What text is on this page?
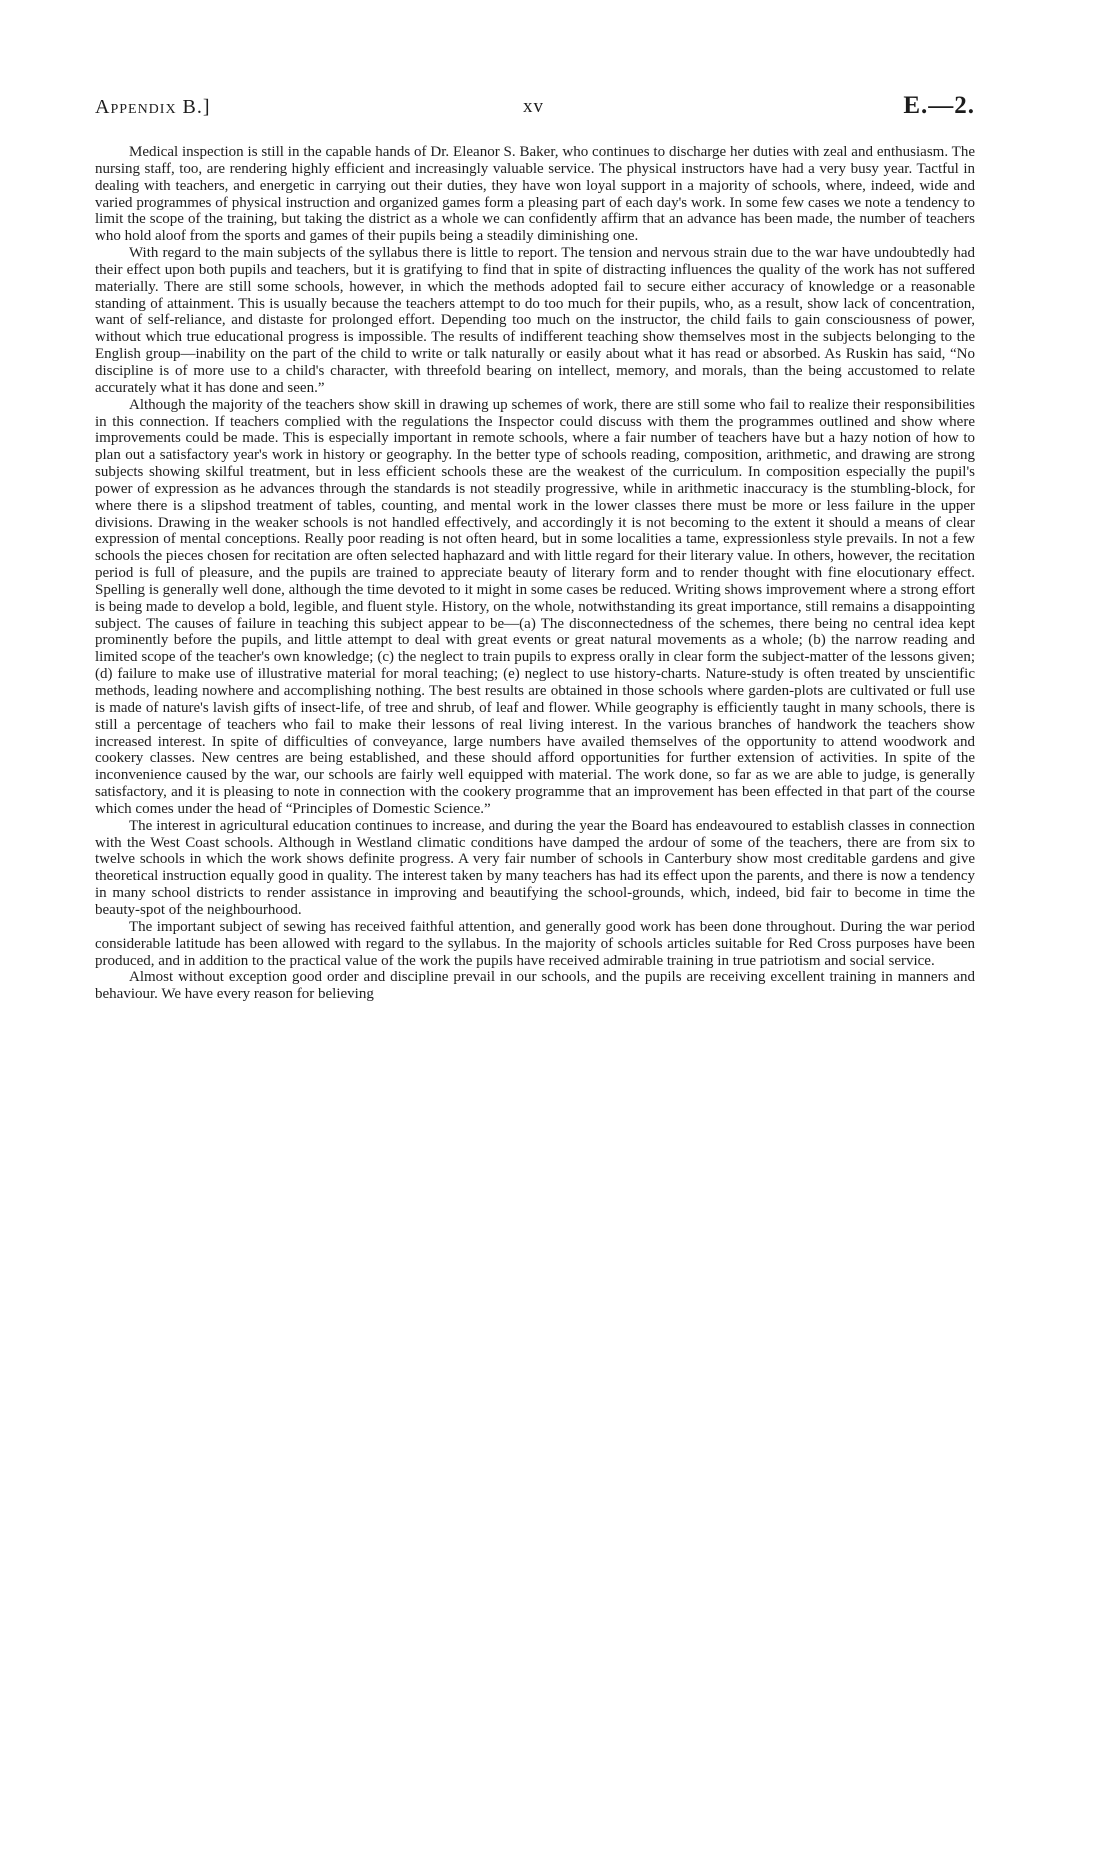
Appendix B.]	xv	E.—2.

Medical inspection is still in the capable hands of Dr. Eleanor S. Baker, who continues to discharge her duties with zeal and enthusiasm. The nursing staff, too, are rendering highly efficient and increasingly valuable service. The physical instructors have had a very busy year. Tactful in dealing with teachers, and energetic in carrying out their duties, they have won loyal support in a majority of schools, where, indeed, wide and varied programmes of physical instruction and organized games form a pleasing part of each day's work. In some few cases we note a tendency to limit the scope of the training, but taking the district as a whole we can confidently affirm that an advance has been made, the number of teachers who hold aloof from the sports and games of their pupils being a steadily diminishing one.

With regard to the main subjects of the syllabus there is little to report. The tension and nervous strain due to the war have undoubtedly had their effect upon both pupils and teachers, but it is gratifying to find that in spite of distracting influences the quality of the work has not suffered materially. There are still some schools, however, in which the methods adopted fail to secure either accuracy of knowledge or a reasonable standing of attainment. This is usually because the teachers attempt to do too much for their pupils, who, as a result, show lack of concentration, want of self-reliance, and distaste for prolonged effort. Depending too much on the instructor, the child fails to gain consciousness of power, without which true educational progress is impossible. The results of indifferent teaching show themselves most in the subjects belonging to the English group—inability on the part of the child to write or talk naturally or easily about what it has read or absorbed. As Ruskin has said, “No discipline is of more use to a child's character, with threefold bearing on intellect, memory, and morals, than the being accustomed to relate accurately what it has done and seen.”

Although the majority of the teachers show skill in drawing up schemes of work, there are still some who fail to realize their responsibilities in this connection. If teachers complied with the regulations the Inspector could discuss with them the programmes outlined and show where improvements could be made. This is especially important in remote schools, where a fair number of teachers have but a hazy notion of how to plan out a satisfactory year's work in history or geography. In the better type of schools reading, composition, arithmetic, and drawing are strong subjects showing skilful treatment, but in less efficient schools these are the weakest of the curriculum. In composition especially the pupil's power of expression as he advances through the standards is not steadily progressive, while in arithmetic inaccuracy is the stumbling-block, for where there is a slipshod treatment of tables, counting, and mental work in the lower classes there must be more or less failure in the upper divisions. Drawing in the weaker schools is not handled effectively, and accordingly it is not becoming to the extent it should a means of clear expression of mental conceptions. Really poor reading is not often heard, but in some localities a tame, expressionless style prevails. In not a few schools the pieces chosen for recitation are often selected haphazard and with little regard for their literary value. In others, however, the recitation period is full of pleasure, and the pupils are trained to appreciate beauty of literary form and to render thought with fine elocutionary effect. Spelling is generally well done, although the time devoted to it might in some cases be reduced. Writing shows improvement where a strong effort is being made to develop a bold, legible, and fluent style. History, on the whole, notwithstanding its great importance, still remains a disappointing subject. The causes of failure in teaching this subject appear to be—(a) The disconnectedness of the schemes, there being no central idea kept prominently before the pupils, and little attempt to deal with great events or great natural movements as a whole; (b) the narrow reading and limited scope of the teacher's own knowledge; (c) the neglect to train pupils to express orally in clear form the subject-matter of the lessons given; (d) failure to make use of illustrative material for moral teaching; (e) neglect to use history-charts. Nature-study is often treated by unscientific methods, leading nowhere and accomplishing nothing. The best results are obtained in those schools where garden-plots are cultivated or full use is made of nature's lavish gifts of insect-life, of tree and shrub, of leaf and flower. While geography is efficiently taught in many schools, there is still a percentage of teachers who fail to make their lessons of real living interest. In the various branches of handwork the teachers show increased interest. In spite of difficulties of conveyance, large numbers have availed themselves of the opportunity to attend woodwork and cookery classes. New centres are being established, and these should afford opportunities for further extension of activities. In spite of the inconvenience caused by the war, our schools are fairly well equipped with material. The work done, so far as we are able to judge, is generally satisfactory, and it is pleasing to note in connection with the cookery programme that an improvement has been effected in that part of the course which comes under the head of “Principles of Domestic Science.”

The interest in agricultural education continues to increase, and during the year the Board has endeavoured to establish classes in connection with the West Coast schools. Although in Westland climatic conditions have damped the ardour of some of the teachers, there are from six to twelve schools in which the work shows definite progress. A very fair number of schools in Canterbury show most creditable gardens and give theoretical instruction equally good in quality. The interest taken by many teachers has had its effect upon the parents, and there is now a tendency in many school districts to render assistance in improving and beautifying the school-grounds, which, indeed, bid fair to become in time the beauty-spot of the neighbourhood.

The important subject of sewing has received faithful attention, and generally good work has been done throughout. During the war period considerable latitude has been allowed with regard to the syllabus. In the majority of schools articles suitable for Red Cross purposes have been produced, and in addition to the practical value of the work the pupils have received admirable training in true patriotism and social service.

Almost without exception good order and discipline prevail in our schools, and the pupils are receiving excellent training in manners and behaviour. We have every reason for believing
